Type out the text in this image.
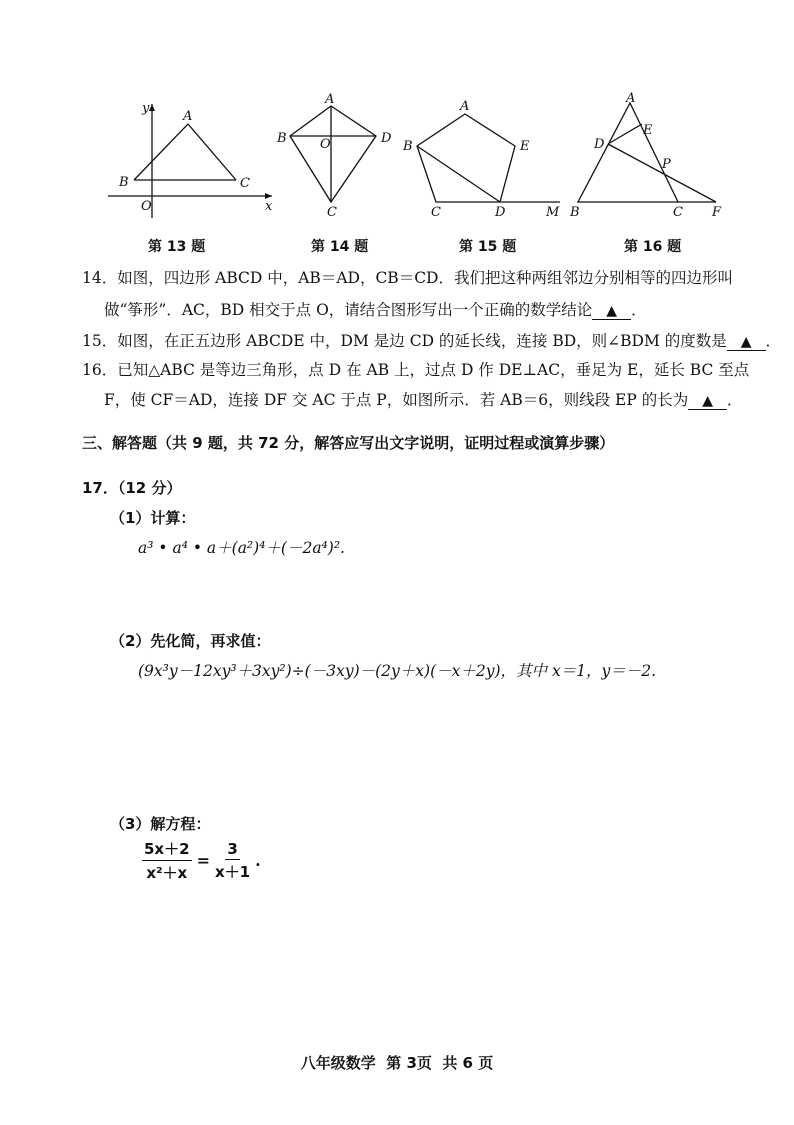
A
B	C
O	x
y
A
B
C
D
O
A
B
C	D
E
M
A
B	C
D
E
F
P
第 13 题	第 14 题	第 15 题	第 16 题
14．如图，四边形 ABCD 中，AB＝AD，CB＝CD．我们把这种两组邻边分别相等的四边形叫
做“筝形”．AC，BD 相交于点 O，请结合图形写出一个正确的数学结论 ▲ ．
15．如图，在正五边形 ABCDE 中，DM 是边 CD 的延长线，连接 BD，则∠BDM 的度数是 ▲ ．
16．已知△ABC 是等边三角形，点 D 在 AB 上，过点 D 作 DE⊥AC，垂足为 E，延长 BC 至点
F，使 CF＝AD，连接 DF 交 AC 于点 P，如图所示．若 AB＝6，则线段 EP 的长为 ▲ ．
三、解答题（共 9 题，共 72 分，解答应写出文字说明，证明过程或演算步骤）
17．（12 分）
（1）计算：
a³ • a⁴ • a＋(a²)⁴＋(－2a⁴)².
（2）先化简，再求值：
(9x³y－12xy³＋3xy²)÷(－3xy)－(2y＋x)(－x＋2y)，其中 x＝1，y＝－2.
（3）解方程：
$\frac{5x+2}{\text{x²＋x}} = \frac{3}{x+1}$ .
八年级数学  第 3页  共 6 页
